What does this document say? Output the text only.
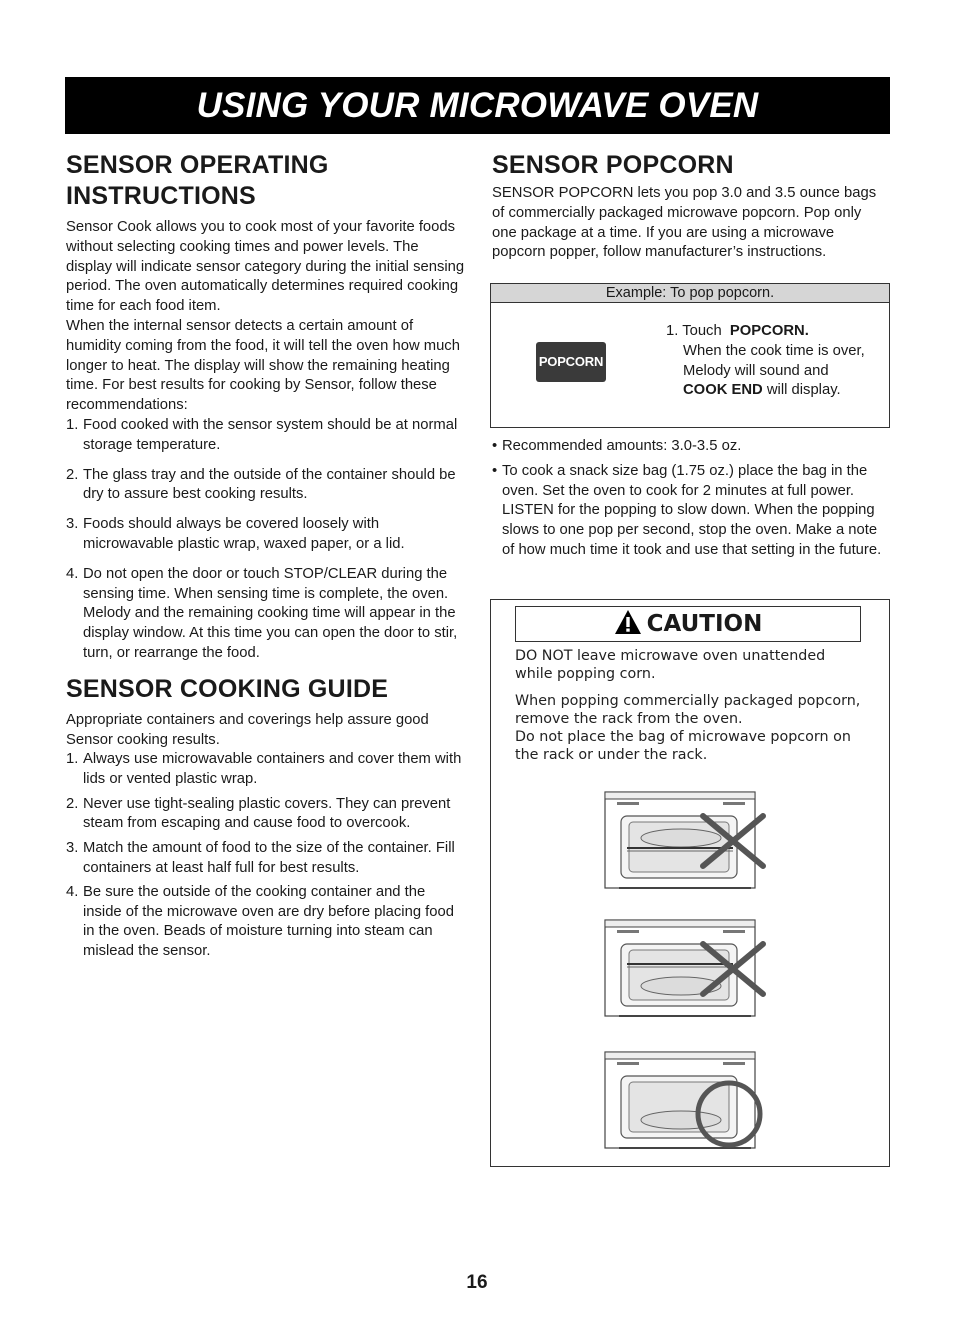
USING YOUR MICROWAVE OVEN
SENSOR OPERATING
INSTRUCTIONS

Sensor Cook allows you to cook most of your favorite foods without selecting cooking times and power levels. The display will indicate sensor category during the initial sensing period. The oven automatically determines required cooking time for each food item.

When the internal sensor detects a certain amount of humidity coming from the food, it will tell the oven how much longer to heat. The display will show the remaining heating time. For best results for cooking by Sensor, follow these recommendations:

1. Food cooked with the sensor system should be at normal storage temperature.
2. The glass tray and the outside of the container should be dry to assure best cooking results.
3. Foods should always be covered loosely with microwavable plastic wrap, waxed paper, or a lid.
4. Do not open the door or touch STOP/CLEAR during the sensing time. When sensing time is complete, the oven. Melody and the remaining cooking time will appear in the display window. At this time you can open the door to stir, turn, or rearrange the food.
SENSOR COOKING GUIDE

Appropriate containers and coverings help assure good Sensor cooking results.

1. Always use microwavable containers and cover them with lids or vented plastic wrap.
2. Never use tight-sealing plastic covers. They can prevent steam from escaping and cause food to overcook.
3. Match the amount of food to the size of the container. Fill containers at least half full for best results.
4. Be sure the outside of the cooking container and the inside of the microwave oven are dry before placing food in the oven. Beads of moisture turning into steam can mislead the sensor.
SENSOR POPCORN

SENSOR POPCORN lets you pop 3.0 and 3.5 ounce bags of commercially packaged microwave popcorn. Pop only one package at a time. If you are using a microwave popcorn popper, follow manufacturer’s instructions.

Example: To pop popcorn.
POPCORN
1. Touch POPCORN.
When the cook time is over,
Melody will sound and
COOK END will display.
• Recommended amounts: 3.0-3.5 oz.
• To cook a snack size bag (1.75 oz.) place the bag in the oven. Set the oven to cook for 2 minutes at full power. LISTEN for the popping to slow down. When the popping slows to one pop per second, stop the oven. Make a note of how much time it took and use that setting in the future.
CAUTION

DO NOT leave microwave oven unattended while popping corn.

When popping commercially packaged popcorn, remove the rack from the oven.
Do not place the bag of microwave popcorn on the rack or under the rack.

16
